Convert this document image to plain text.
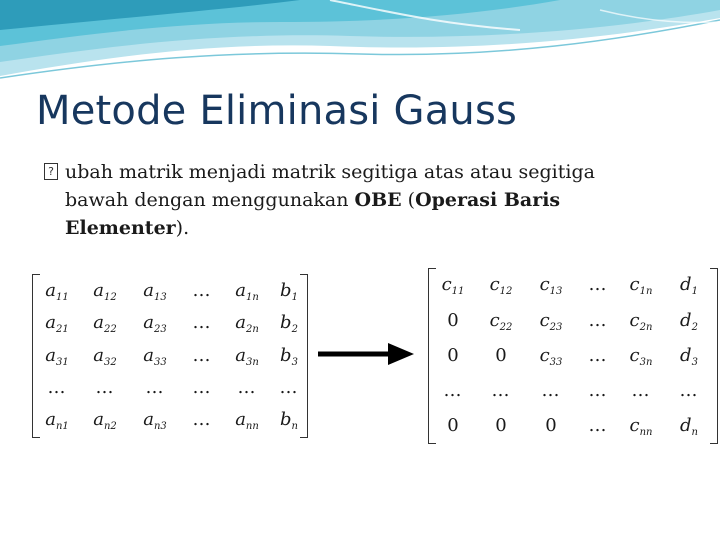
Metode Eliminasi Gauss
? ubah matrik menjadi matrik segitiga atas atau segitiga bawah dengan menggunakan OBE (Operasi Baris Elementer).
$a_{11}$	$a_{12}$	$a_{13}$	…	$a_{1n}$	$b_1$
$a_{21}$	$a_{22}$	$a_{23}$	…	$a_{2n}$	$b_2$
$a_{31}$	$a_{32}$	$a_{33}$	…	$a_{3n}$	$b_3$
…	…	…	…	…	…
$a_{n1}$	$a_{n2}$	$a_{n3}$	…	$a_{nn}$	$b_n$
$c_{11}$	$c_{12}$	$c_{13}$	…	$c_{1n}$	$d_1$
0	$c_{22}$	$c_{23}$	…	$c_{2n}$	$d_2$
0	0	$c_{33}$	…	$c_{3n}$	$d_3$
…	…	…	…	…	…
0	0	0	…	$c_{nn}$	$d_n$
